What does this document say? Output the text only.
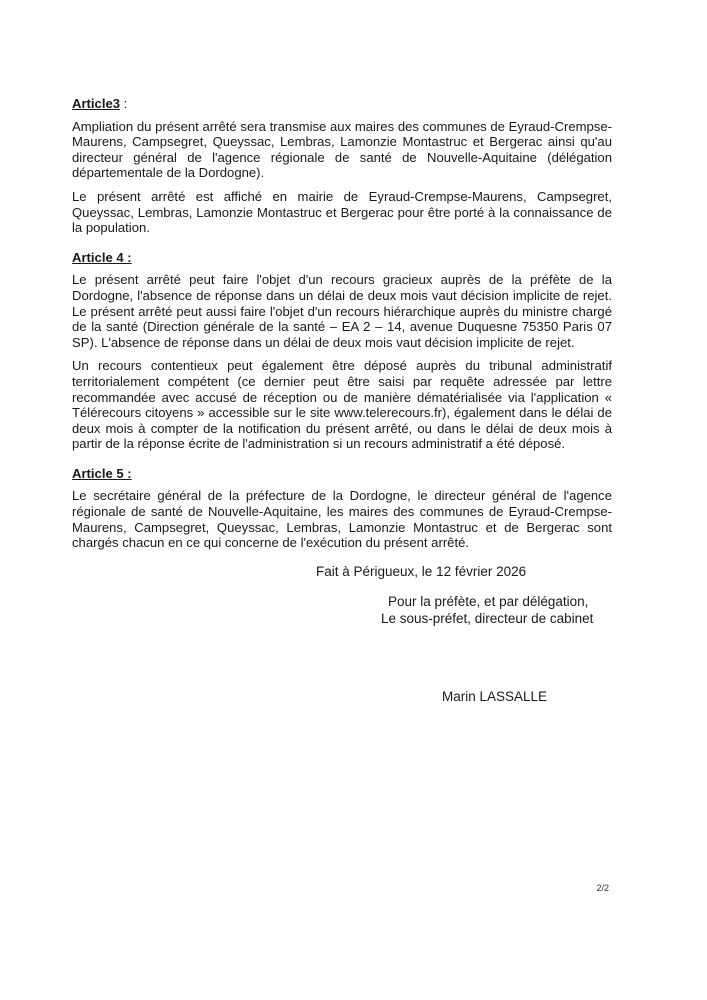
Article3 :

Ampliation du présent arrêté sera transmise aux maires des communes de Eyraud-Crempse-Maurens, Campsegret, Queyssac, Lembras, Lamonzie Montastruc et Bergerac ainsi qu'au directeur général de l'agence régionale de santé de Nouvelle-Aquitaine (délégation départementale de la Dordogne).

Le présent arrêté est affiché en mairie de Eyraud-Crempse-Maurens, Campsegret, Queyssac, Lembras, Lamonzie Montastruc et Bergerac pour être porté à la connaissance de la population.

Article 4 :

Le présent arrêté peut faire l'objet d'un recours gracieux auprès de la préfète de la Dordogne, l'absence de réponse dans un délai de deux mois vaut décision implicite de rejet. Le présent arrêté peut aussi faire l'objet d'un recours hiérarchique auprès du ministre chargé de la santé (Direction générale de la santé – EA 2 – 14, avenue Duquesne 75350 Paris 07 SP). L'absence de réponse dans un délai de deux mois vaut décision implicite de rejet.

Un recours contentieux peut également être déposé auprès du tribunal administratif territorialement compétent (ce dernier peut être saisi par requête adressée par lettre recommandée avec accusé de réception ou de manière dématérialisée via l'application « Télérecours citoyens » accessible sur le site www.telerecours.fr), également dans le délai de deux mois à compter de la notification du présent arrêté, ou dans le délai de deux mois à partir de la réponse écrite de l'administration si un recours administratif a été déposé.

Article 5 :

Le secrétaire général de la préfecture de la Dordogne, le directeur général de l'agence régionale de santé de Nouvelle-Aquitaine, les maires des communes de Eyraud-Crempse-Maurens, Campsegret, Queyssac, Lembras, Lamonzie Montastruc et de Bergerac sont chargés chacun en ce qui concerne de l'exécution du présent arrêté.

Fait à Périgueux, le 12 février 2026
Pour la préfète, et par délégation,
Le sous-préfet, directeur de cabinet
Marin LASSALLE
2/2
